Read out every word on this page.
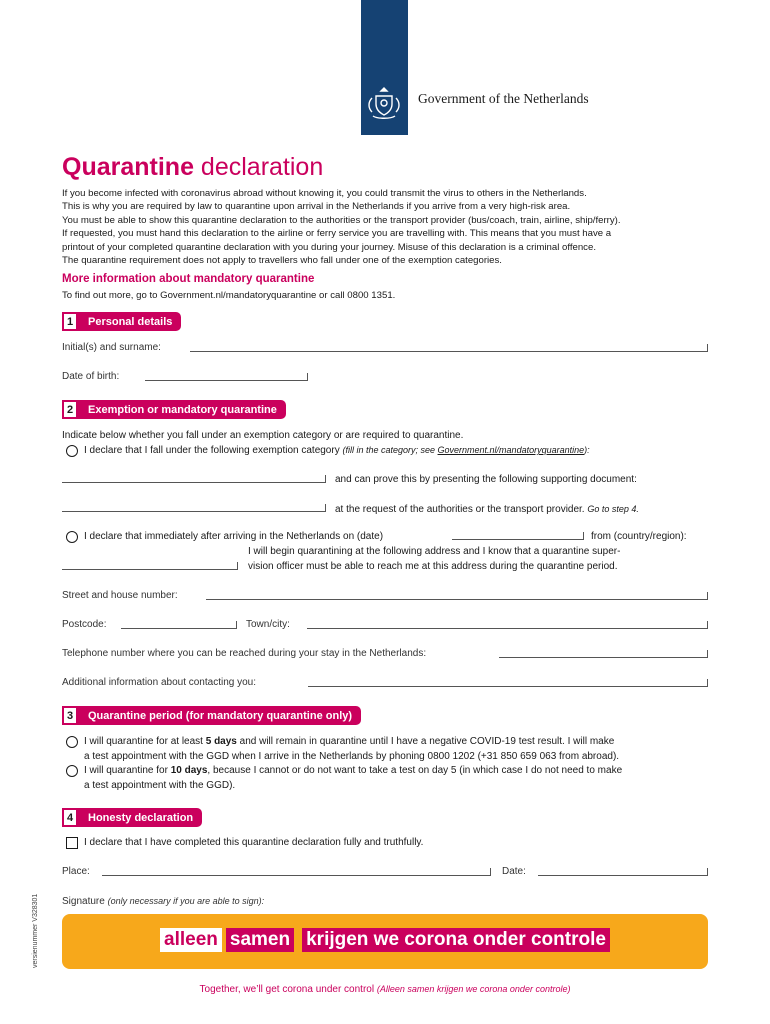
Government of the Netherlands
Quarantine declaration
If you become infected with coronavirus abroad without knowing it, you could transmit the virus to others in the Netherlands.
This is why you are required by law to quarantine upon arrival in the Netherlands if you arrive from a very high-risk area.
You must be able to show this quarantine declaration to the authorities or the transport provider (bus/coach, train, airline, ship/ferry).
If requested, you must hand this declaration to the airline or ferry service you are travelling with. This means that you must have a
printout of your completed quarantine declaration with you during your journey. Misuse of this declaration is a criminal offence.
The quarantine requirement does not apply to travellers who fall under one of the exemption categories.
More information about mandatory quarantine
To find out more, go to Government.nl/mandatoryquarantine or call 0800 1351.
1	Personal details
Initial(s) and surname:
Date of birth:
2	Exemption or mandatory quarantine
Indicate below whether you fall under an exemption category or are required to quarantine.
I declare that I fall under the following exemption category (fill in the category; see Government.nl/mandatoryquarantine):
and can prove this by presenting the following supporting document:
at the request of the authorities or the transport provider. Go to step 4.
I declare that immediately after arriving in the Netherlands on (date)	from (country/region):
I will begin quarantining at the following address and I know that a quarantine super-
vision officer must be able to reach me at this address during the quarantine period.
Street and house number:
Postcode:	Town/city:
Telephone number where you can be reached during your stay in the Netherlands:
Additional information about contacting you:
3	Quarantine period (for mandatory quarantine only)
I will quarantine for at least 5 days and will remain in quarantine until I have a negative COVID-19 test result. I will make
a test appointment with the GGD when I arrive in the Netherlands by phoning 0800 1202 (+31 850 659 063 from abroad).
I will quarantine for 10 days, because I cannot or do not want to take a test on day 5 (in which case I do not need to make
a test appointment with the GGD).
4	Honesty declaration
I declare that I have completed this quarantine declaration fully and truthfully.
Place:	Date:
Signature (only necessary if you are able to sign):
alleen samen krijgen we corona onder controle
Together, we’ll get corona under control (Alleen samen krijgen we corona onder controle)
versienummer V328301
